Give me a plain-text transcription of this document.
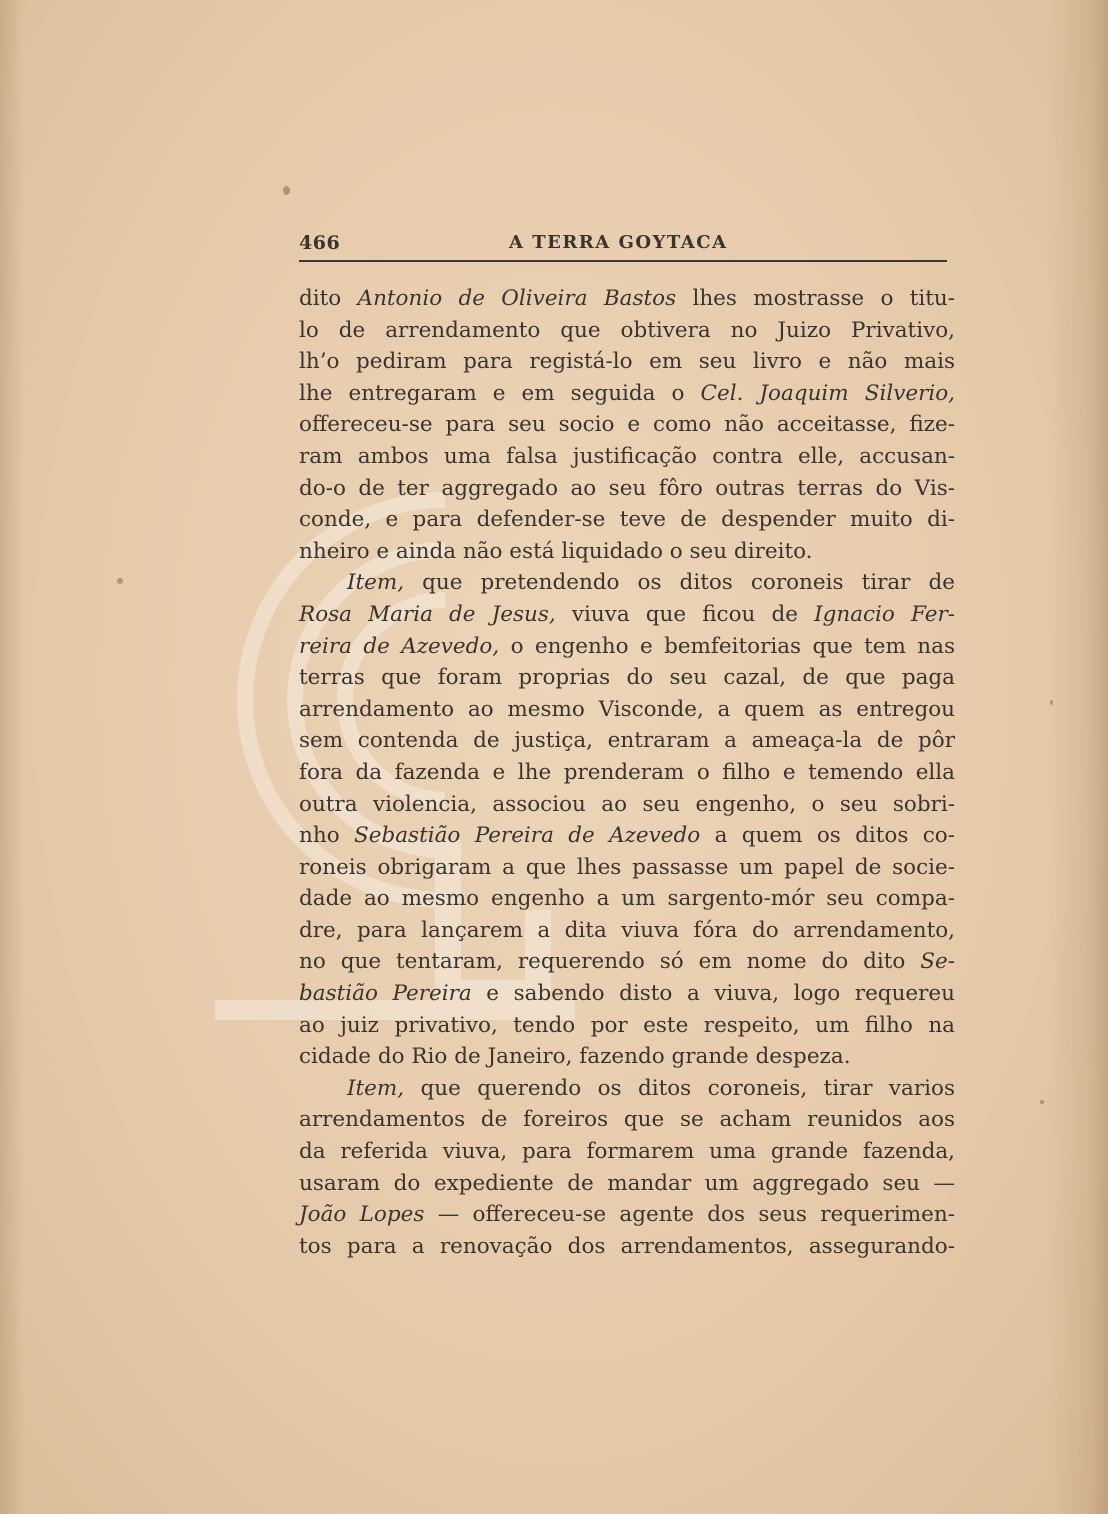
466	A TERRA GOYTACA
dito Antonio de Oliveira Bastos lhes mostrasse o titu-
lo de arrendamento que obtivera no Juizo Privativo,
lh’o pediram para registá-lo em seu livro e não mais
lhe entregaram e em seguida o Cel. Joaquim Silverio,
offereceu-se para seu socio e como não acceitasse, fize-
ram ambos uma falsa justificação contra elle, accusan-
do-o de ter aggregado ao seu fôro outras terras do Vis-
conde, e para defender-se teve de despender muito di-
nheiro e ainda não está liquidado o seu direito.
Item, que pretendendo os ditos coroneis tirar de
Rosa Maria de Jesus, viuva que ficou de Ignacio Fer-
reira de Azevedo, o engenho e bemfeitorias que tem nas
terras que foram proprias do seu cazal, de que paga
arrendamento ao mesmo Visconde, a quem as entregou
sem contenda de justiça, entraram a ameaça-la de pôr
fora da fazenda e lhe prenderam o filho e temendo ella
outra violencia, associou ao seu engenho, o seu sobri-
nho Sebastião Pereira de Azevedo a quem os ditos co-
roneis obrigaram a que lhes passasse um papel de socie-
dade ao mesmo engenho a um sargento-mór seu compa-
dre, para lançarem a dita viuva fóra do arrendamento,
no que tentaram, requerendo só em nome do dito Se-
bastião Pereira e sabendo disto a viuva, logo requereu
ao juiz privativo, tendo por este respeito, um filho na
cidade do Rio de Janeiro, fazendo grande despeza.
Item, que querendo os ditos coroneis, tirar varios
arrendamentos de foreiros que se acham reunidos aos
da referida viuva, para formarem uma grande fazenda,
usaram do expediente de mandar um aggregado seu —
João Lopes — offereceu-se agente dos seus requerimen-
tos para a renovação dos arrendamentos, assegurando-
